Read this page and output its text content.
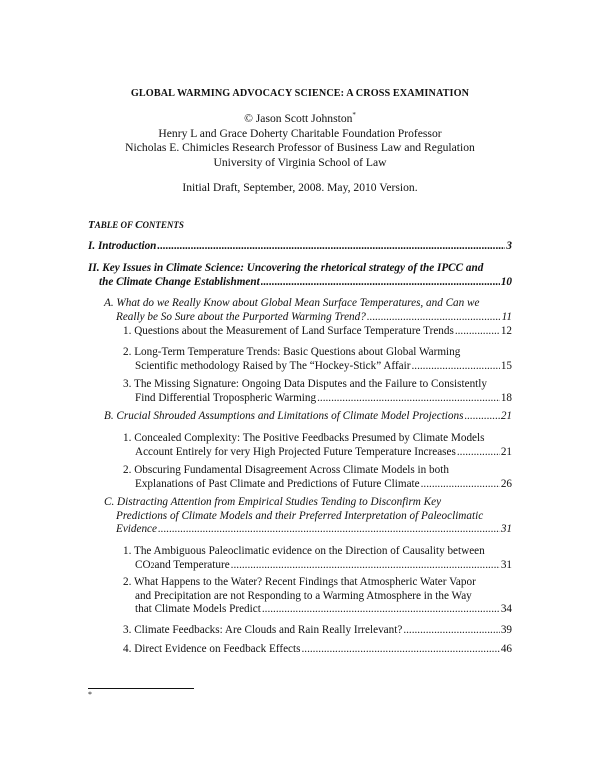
GLOBAL WARMING ADVOCACY SCIENCE: A CROSS EXAMINATION
© Jason Scott Johnston*
Henry L and Grace Doherty Charitable Foundation Professor
Nicholas E. Chimicles Research Professor of Business Law and Regulation
University of Virginia School of Law
Initial Draft, September, 2008. May, 2010 Version.
TABLE OF CONTENTS
I. Introduction .....	3
II. Key Issues in Climate Science: Uncovering the rhetorical strategy of the IPCC and
the Climate Change Establishment .....	10
A. What do we Really Know about Global Mean Surface Temperatures, and Can we
Really be So Sure about the Purported Warming Trend? .....	11
1. Questions about the Measurement of Land Surface Temperature Trends .....	12
2. Long-Term Temperature Trends: Basic Questions about Global Warming
Scientific methodology Raised by The “Hockey-Stick” Affair .....	15
3. The Missing Signature: Ongoing Data Disputes and the Failure to Consistently
Find Differential Tropospheric Warming .....	18
B. Crucial Shrouded Assumptions and Limitations of Climate Model Projections .....	21
1. Concealed Complexity: The Positive Feedbacks Presumed by Climate Models
Account Entirely for very High Projected Future Temperature Increases .....	21
2. Obscuring Fundamental Disagreement Across Climate Models in both
Explanations of Past Climate and Predictions of Future Climate .....	26
C. Distracting Attention from Empirical Studies Tending to Disconfirm Key
Predictions of Climate Models and their Preferred Interpretation of Paleoclimatic
Evidence .....	31
1. The Ambiguous Paleoclimatic evidence on the Direction of Causality between
CO 2 and Temperature .....	31
2. What Happens to the Water? Recent Findings that Atmospheric Water Vapor
and Precipitation are not Responding to a Warming Atmosphere in the Way
that Climate Models Predict .....	34
3. Climate Feedbacks: Are Clouds and Rain Really Irrelevant? .....	39
4. Direct Evidence on Feedback Effects .....	46
*
